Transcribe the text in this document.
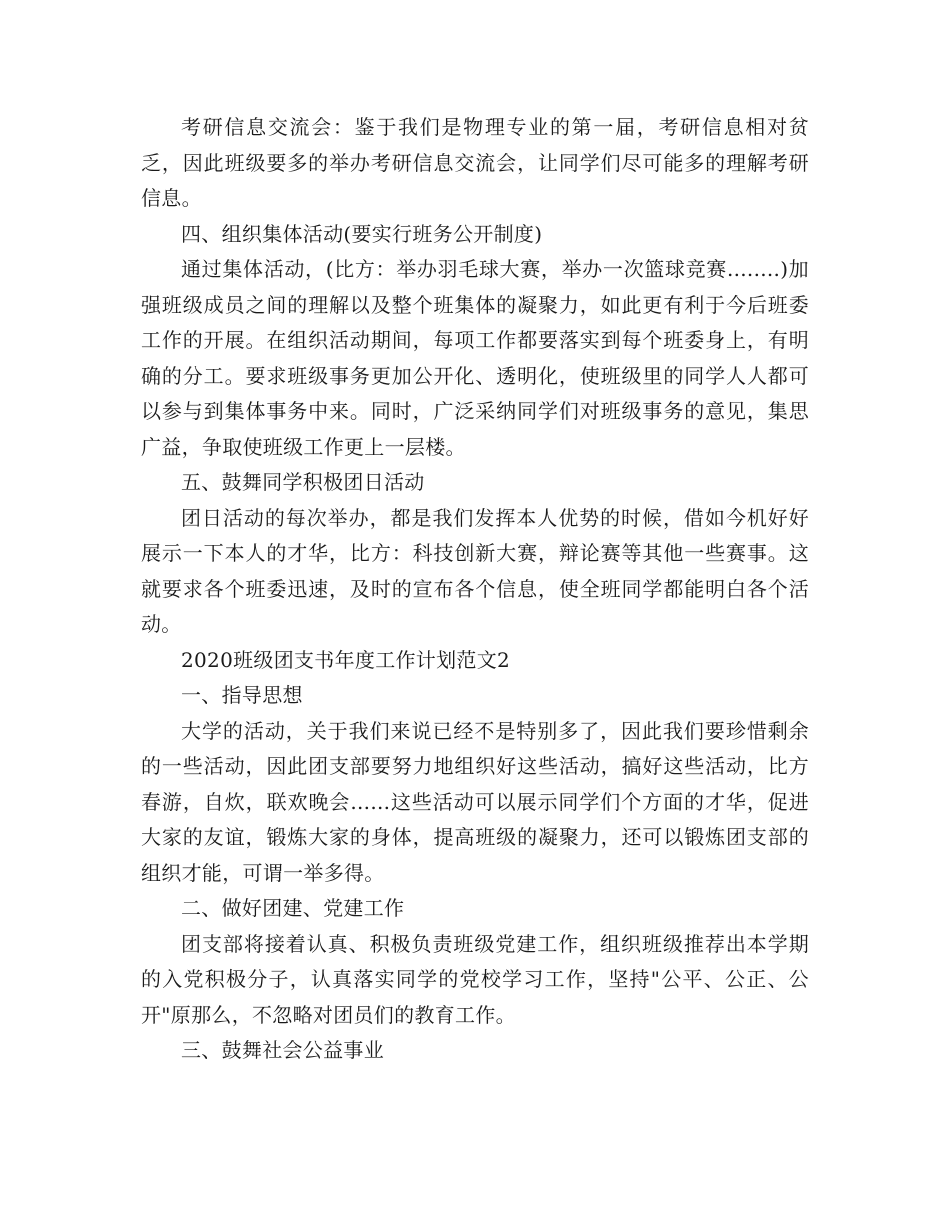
考研信息交流会：鉴于我们是物理专业的第一届，考研信息相对贫乏，因此班级要多的举办考研信息交流会，让同学们尽可能多的理解考研信息。

四、组织集体活动(要实行班务公开制度)

通过集体活动，(比方：举办羽毛球大赛，举办一次篮球竞赛........)加强班级成员之间的理解以及整个班集体的凝聚力，如此更有利于今后班委工作的开展。在组织活动期间，每项工作都要落实到每个班委身上，有明确的分工。要求班级事务更加公开化、透明化，使班级里的同学人人都可以参与到集体事务中来。同时，广泛采纳同学们对班级事务的意见，集思广益，争取使班级工作更上一层楼。

五、鼓舞同学积极团日活动

团日活动的每次举办，都是我们发挥本人优势的时候，借如今机好好展示一下本人的才华，比方：科技创新大赛，辩论赛等其他一些赛事。这就要求各个班委迅速，及时的宣布各个信息，使全班同学都能明白各个活动。

2020班级团支书年度工作计划范文2

一、指导思想

大学的活动，关于我们来说已经不是特别多了，因此我们要珍惜剩余的一些活动，因此团支部要努力地组织好这些活动，搞好这些活动，比方春游，自炊，联欢晚会......这些活动可以展示同学们个方面的才华，促进大家的友谊，锻炼大家的身体，提高班级的凝聚力，还可以锻炼团支部的组织才能，可谓一举多得。

二、做好团建、党建工作

团支部将接着认真、积极负责班级党建工作，组织班级推荐出本学期的入党积极分子，认真落实同学的党校学习工作，坚持"公平、公正、公开"原那么，不忽略对团员们的教育工作。

三、鼓舞社会公益事业
